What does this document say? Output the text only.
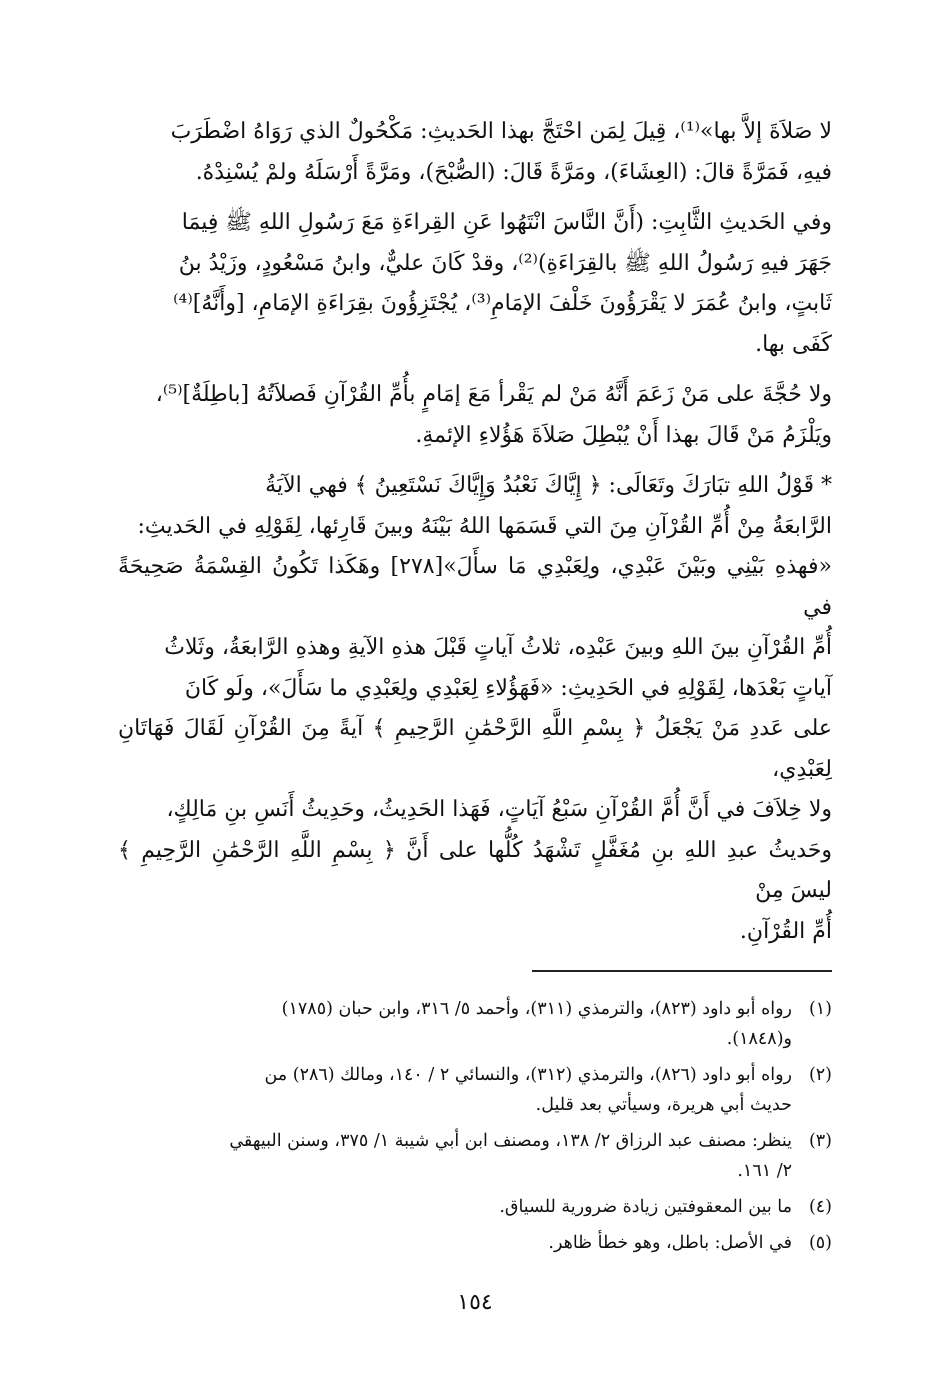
لا صَلاَةَ إلاَّ بها»⁽¹⁾، قِيلَ لِمَن احْتَجَّ بهذا الحَديثِ: مَكْحُولٌ الذي رَوَاهُ اضْطَرَبَ
فيهِ، فَمَرَّةً قالَ: (العِشَاءَ)، ومَرَّةً قَالَ: (الصُّبْحَ)، ومَرَّةً أَرْسَلَهُ ولمْ يُسْنِدْهُ.

وفي الحَديثِ الثَّابِتِ: (أَنَّ النَّاسَ انْتَهُوا عَنِ القِراءَةِ مَعَ رَسُولِ اللهِ ﷺ فِيمَا
جَهَرَ فيهِ رَسُولُ اللهِ ﷺ بالقِرَاءَةِ)⁽²⁾، وقدْ كَانَ عليٌّ، وابنُ مَسْعُودٍ، وزَيْدُ بنُ
ثَابتٍ، وابنُ عُمَرَ لا يَقْرَؤُونَ خَلْفَ الإمَامِ⁽³⁾، يُجْتَزِؤُونَ بقِرَاءَةِ الإمَامِ، [وأَنَّهُ]⁽⁴⁾
كَفَى بها.

ولا حُجَّةَ على مَنْ زَعَمَ أَنَّهُ مَنْ لم يَقْرأ مَعَ إمَامٍ بأُمِّ القُرْآنِ فَصلاَتُهُ [باطِلَةٌ]⁽⁵⁾،
ويَلْزَمُ مَنْ قَالَ بهذا أَنْ يُبْطِلَ صَلاَةَ هَؤُلاءِ الإئمةِ.

* قَوْلُ اللهِ تبَارَكَ وتَعَالَى: ﴿ إِيَّاكَ نَعْبُدُ وَإِيَّاكَ نَسْتَعِينُ ﴾ فهي الآيَةُ
الرَّابعَةُ مِنْ أُمِّ القُرْآنِ مِنَ التي قَسَمَها اللهُ بَيْنَهُ وبينَ قَارِئها، لِقَوْلِهِ في الحَديثِ:
«فهذهِ بَيْنِي وبَيْنَ عَبْدِي، ولِعَبْدِي مَا سأَلَ»[٢٧٨] وهَكَذا تَكُونُ القِسْمَةُ صَحِيحَةً في
أُمِّ القُرْآنِ بينَ اللهِ وبينَ عَبْدِه، ثلاثُ آياتٍ قَبْلَ هذهِ الآيةِ وهذهِ الرَّابعَةُ، وثَلاثُ
آياتٍ بَعْدَها، لِقَوْلِهِ في الحَدِيثِ: «فَهَؤُلاءِ لِعَبْدِي ولِعَبْدِي ما سَأَلَ»، ولَو كَانَ
على عَددِ مَنْ يَجْعَلُ ﴿ بِسْمِ اللَّهِ الرَّحْمَٰنِ الرَّحِيمِ ﴾ آيةً مِنَ القُرْآنِ لَقَالَ فَهَاتَانِ لِعَبْدِي،
ولا خِلاَفَ في أَنَّ أُمَّ القُرْآنِ سَبْعُ آيَاتٍ، فَهَذا الحَدِيثُ، وحَدِيثُ أَنَسِ بنِ مَالِكٍ،
وحَديثُ عبدِ اللهِ بنِ مُغَفَّلٍ تَشْهَدُ كُلُّها على أَنَّ ﴿ بِسْمِ اللَّهِ الرَّحْمَٰنِ الرَّحِيمِ ﴾ ليسَ مِنْ
أُمِّ القُرْآنِ.

(١)
رواه أبو داود (٨٢٣)، والترمذي (٣١١)، وأحمد ٥/ ٣١٦، وابن حبان (١٧٨٥)
و(١٨٤٨).
(٢)
رواه أبو داود (٨٢٦)، والترمذي (٣١٢)، والنسائي ٢ / ١٤٠، ومالك (٢٨٦) من
حديث أبي هريرة، وسيأتي بعد قليل.
(٣)
ينظر: مصنف عبد الرزاق ٢/ ١٣٨، ومصنف ابن أبي شيبة ١/ ٣٧٥، وسنن البيهقي
٢/ ١٦١.
(٤)
ما بين المعقوفتين زيادة ضرورية للسياق.
(٥)
في الأصل: باطل، وهو خطأ ظاهر.
١٥٤
